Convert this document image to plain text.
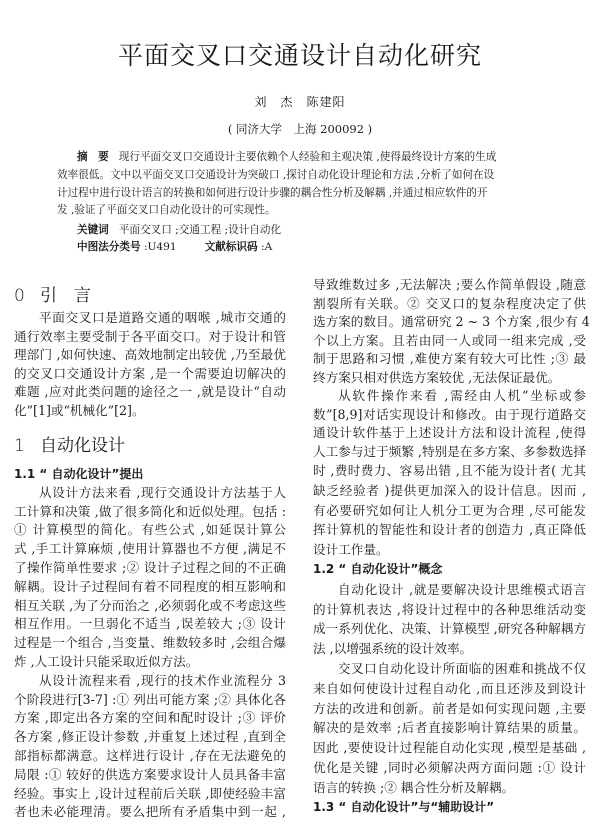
平面交叉口交通设计自动化研究
刘　杰　陈建阳
( 同济大学　上海 200092 )
摘　要 现行平面交叉口交通设计主要依赖个人经验和主观决策 ,使得最终设计方案的生成
效率很低。文中以平面交叉口交通设计为突破口 ,探讨自动化设计理论和方法 ,分析了如何在设
计过程中进行设计语言的转换和如何进行设计步骤的耦合性分析及解耦 ,并通过相应软件的开
发 ,验证了平面交叉口自动化设计的可实现性。
关键词 平面交叉口 ;交通工程 ;设计自动化
中图法分类号 :U491	文献标识码 :A
0 引　言
平面交叉口是道路交通的咽喉 ,城市交通的
通行效率主要受制于各平面交口。对于设计和管
理部门 ,如何快速、高效地制定出较优 ,乃至最优
的交叉口交通设计方案 ,是一个需要迫切解决的
难题 ,应对此类问题的途径之一 ,就是设计“自动
化”[1]或“机械化”[2]。
1 自动化设计
1.1 “ 自动化设计”提出
从设计方法来看 ,现行交通设计方法基于人
工计算和决策 ,做了很多简化和近似处理。包括 :
① 计算模型的简化。有些公式 ,如延误计算公
式 ,手工计算麻烦 ,使用计算器也不方便 ,满足不
了操作简单性要求 ;② 设计子过程之间的不正确
解耦。设计子过程间有着不同程度的相互影响和
相互关联 ,为了分而治之 ,必须弱化或不考虑这些
相互作用。一旦弱化不适当 ,误差较大 ;③ 设计
过程是一个组合 ,当变量、维数较多时 ,会组合爆
炸 ,人工设计只能采取近似方法。
从设计流程来看 ,现行的技术作业流程分 3
个阶段进行[3-7] :① 列出可能方案 ;② 具体化各
方案 ,即定出各方案的空间和配时设计 ;③ 评价
各方案 ,修正设计参数 ,并重复上述过程 ,直到全
部指标都满意。这样进行设计 ,存在无法避免的
局限 :① 较好的供选方案要求设计人员具备丰富
经验。事实上 ,设计过程前后关联 ,即使经验丰富
者也未必能理清。要么把所有矛盾集中到一起 ,
导致维数过多 ,无法解决 ;要么作简单假设 ,随意
割裂所有关联。② 交叉口的复杂程度决定了供
选方案的数目。通常研究 2 ~ 3 个方案 ,很少有 4
个以上方案。且若由同一人或同一组来完成 ,受
制于思路和习惯 ,难使方案有较大可比性 ;③ 最
终方案只相对供选方案较优 ,无法保证最优。
从软件操作来看 ,需经由人机“坐标或参
数”[8,9]对话实现设计和修改。由于现行道路交
通设计软件基于上述设计方法和设计流程 ,使得
人工参与过于频繁 ,特别是在多方案、多参数选择
时 ,费时费力、容易出错 ,且不能为设计者( 尤其
缺乏经验者 )提供更加深入的设计信息。因而 ,
有必要研究如何让人机分工更为合理 ,尽可能发
挥计算机的智能性和设计者的创造力 ,真正降低
设计工作量。
1.2 “ 自动化设计”概念
自动化设计 ,就是要解决设计思维模式语言
的计算机表达 ,将设计过程中的各种思维活动变
成一系列优化、决策、计算模型 ,研究各种解耦方
法 ,以增强系统的设计效率。
交叉口自动化设计所面临的困难和挑战不仅
来自如何使设计过程自动化 ,而且还涉及到设计
方法的改进和创新。前者是如何实现问题 ,主要
解决的是效率 ;后者直接影响计算结果的质量。
因此 ,要使设计过程能自动化实现 ,模型是基础 ,
优化是关键 ,同时必须解决两方面问题 :① 设计
语言的转换 ;② 耦合性分析及解耦。
1.3 “ 自动化设计”与“辅助设计”
